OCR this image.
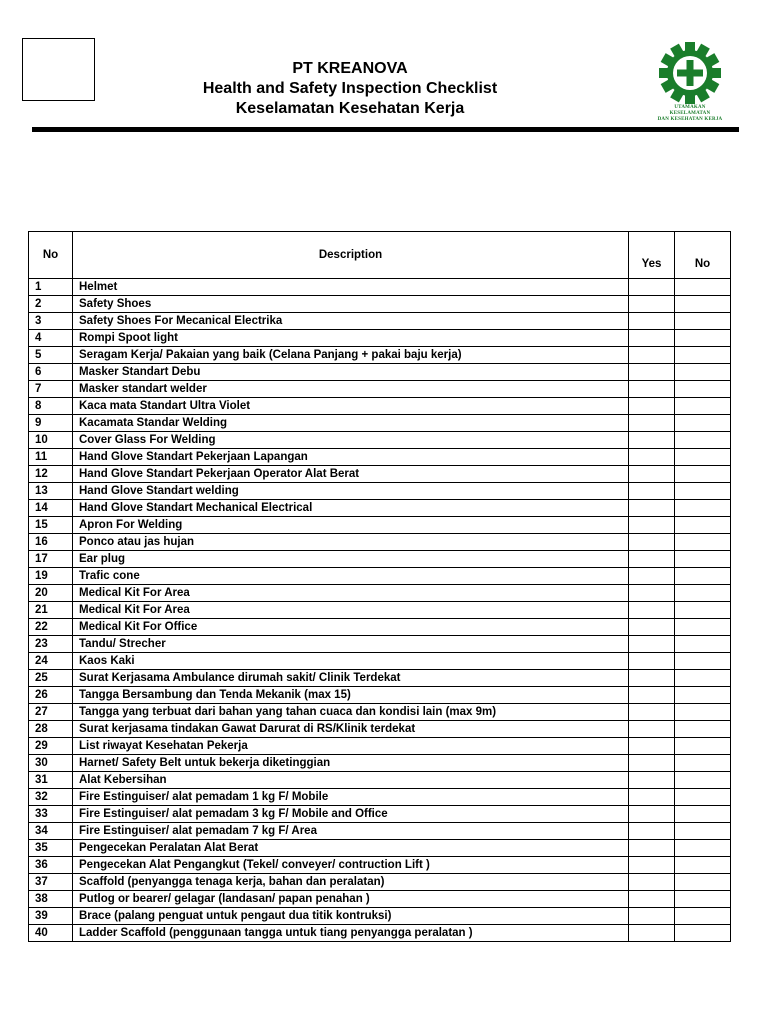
PT KREANOVA
Health and Safety Inspection Checklist
Keselamatan Kesehatan Kerja	UTAMAKAN KESELAMATAN
DAN KESEHATAN KERJA
No	Description	Yes	No
1	Helmet		
2	Safety Shoes		
3	Safety Shoes For Mecanical Electrika		
4	Rompi Spoot light		
5	Seragam Kerja/ Pakaian yang baik (Celana Panjang + pakai baju kerja)		
6	Masker Standart Debu		
7	Masker standart welder		
8	Kaca mata Standart Ultra Violet		
9	Kacamata Standar Welding		
10	Cover Glass For Welding		
11	Hand Glove Standart Pekerjaan Lapangan		
12	Hand Glove Standart Pekerjaan Operator Alat Berat		
13	Hand Glove Standart welding		
14	Hand Glove Standart Mechanical Electrical		
15	Apron For Welding		
16	Ponco atau jas hujan		
17	Ear plug		
19	Trafic cone		
20	Medical Kit For Area		
21	Medical Kit For Area		
22	Medical Kit For Office		
23	Tandu/ Strecher		
24	Kaos Kaki		
25	Surat Kerjasama Ambulance dirumah sakit/ Clinik Terdekat		
26	Tangga Bersambung dan Tenda Mekanik (max 15)		
27	Tangga yang terbuat dari bahan yang tahan cuaca dan kondisi lain (max 9m)		
28	Surat kerjasama tindakan Gawat Darurat di RS/Klinik terdekat		
29	List riwayat Kesehatan Pekerja		
30	Harnet/ Safety Belt untuk bekerja diketinggian		
31	Alat Kebersihan		
32	Fire Estinguiser/ alat pemadam 1 kg F/ Mobile		
33	Fire Estinguiser/ alat pemadam 3 kg F/ Mobile and Office		
34	Fire Estinguiser/ alat pemadam 7 kg F/ Area		
35	Pengecekan Peralatan Alat Berat		
36	Pengecekan Alat Pengangkut (Tekel/ conveyer/ contruction Lift )		
37	Scaffold (penyangga tenaga kerja, bahan dan peralatan)		
38	Putlog or bearer/ gelagar (landasan/ papan penahan )		
39	Brace (palang penguat untuk pengaut dua titik kontruksi)		
40	Ladder Scaffold (penggunaan tangga untuk tiang penyangga peralatan )		
